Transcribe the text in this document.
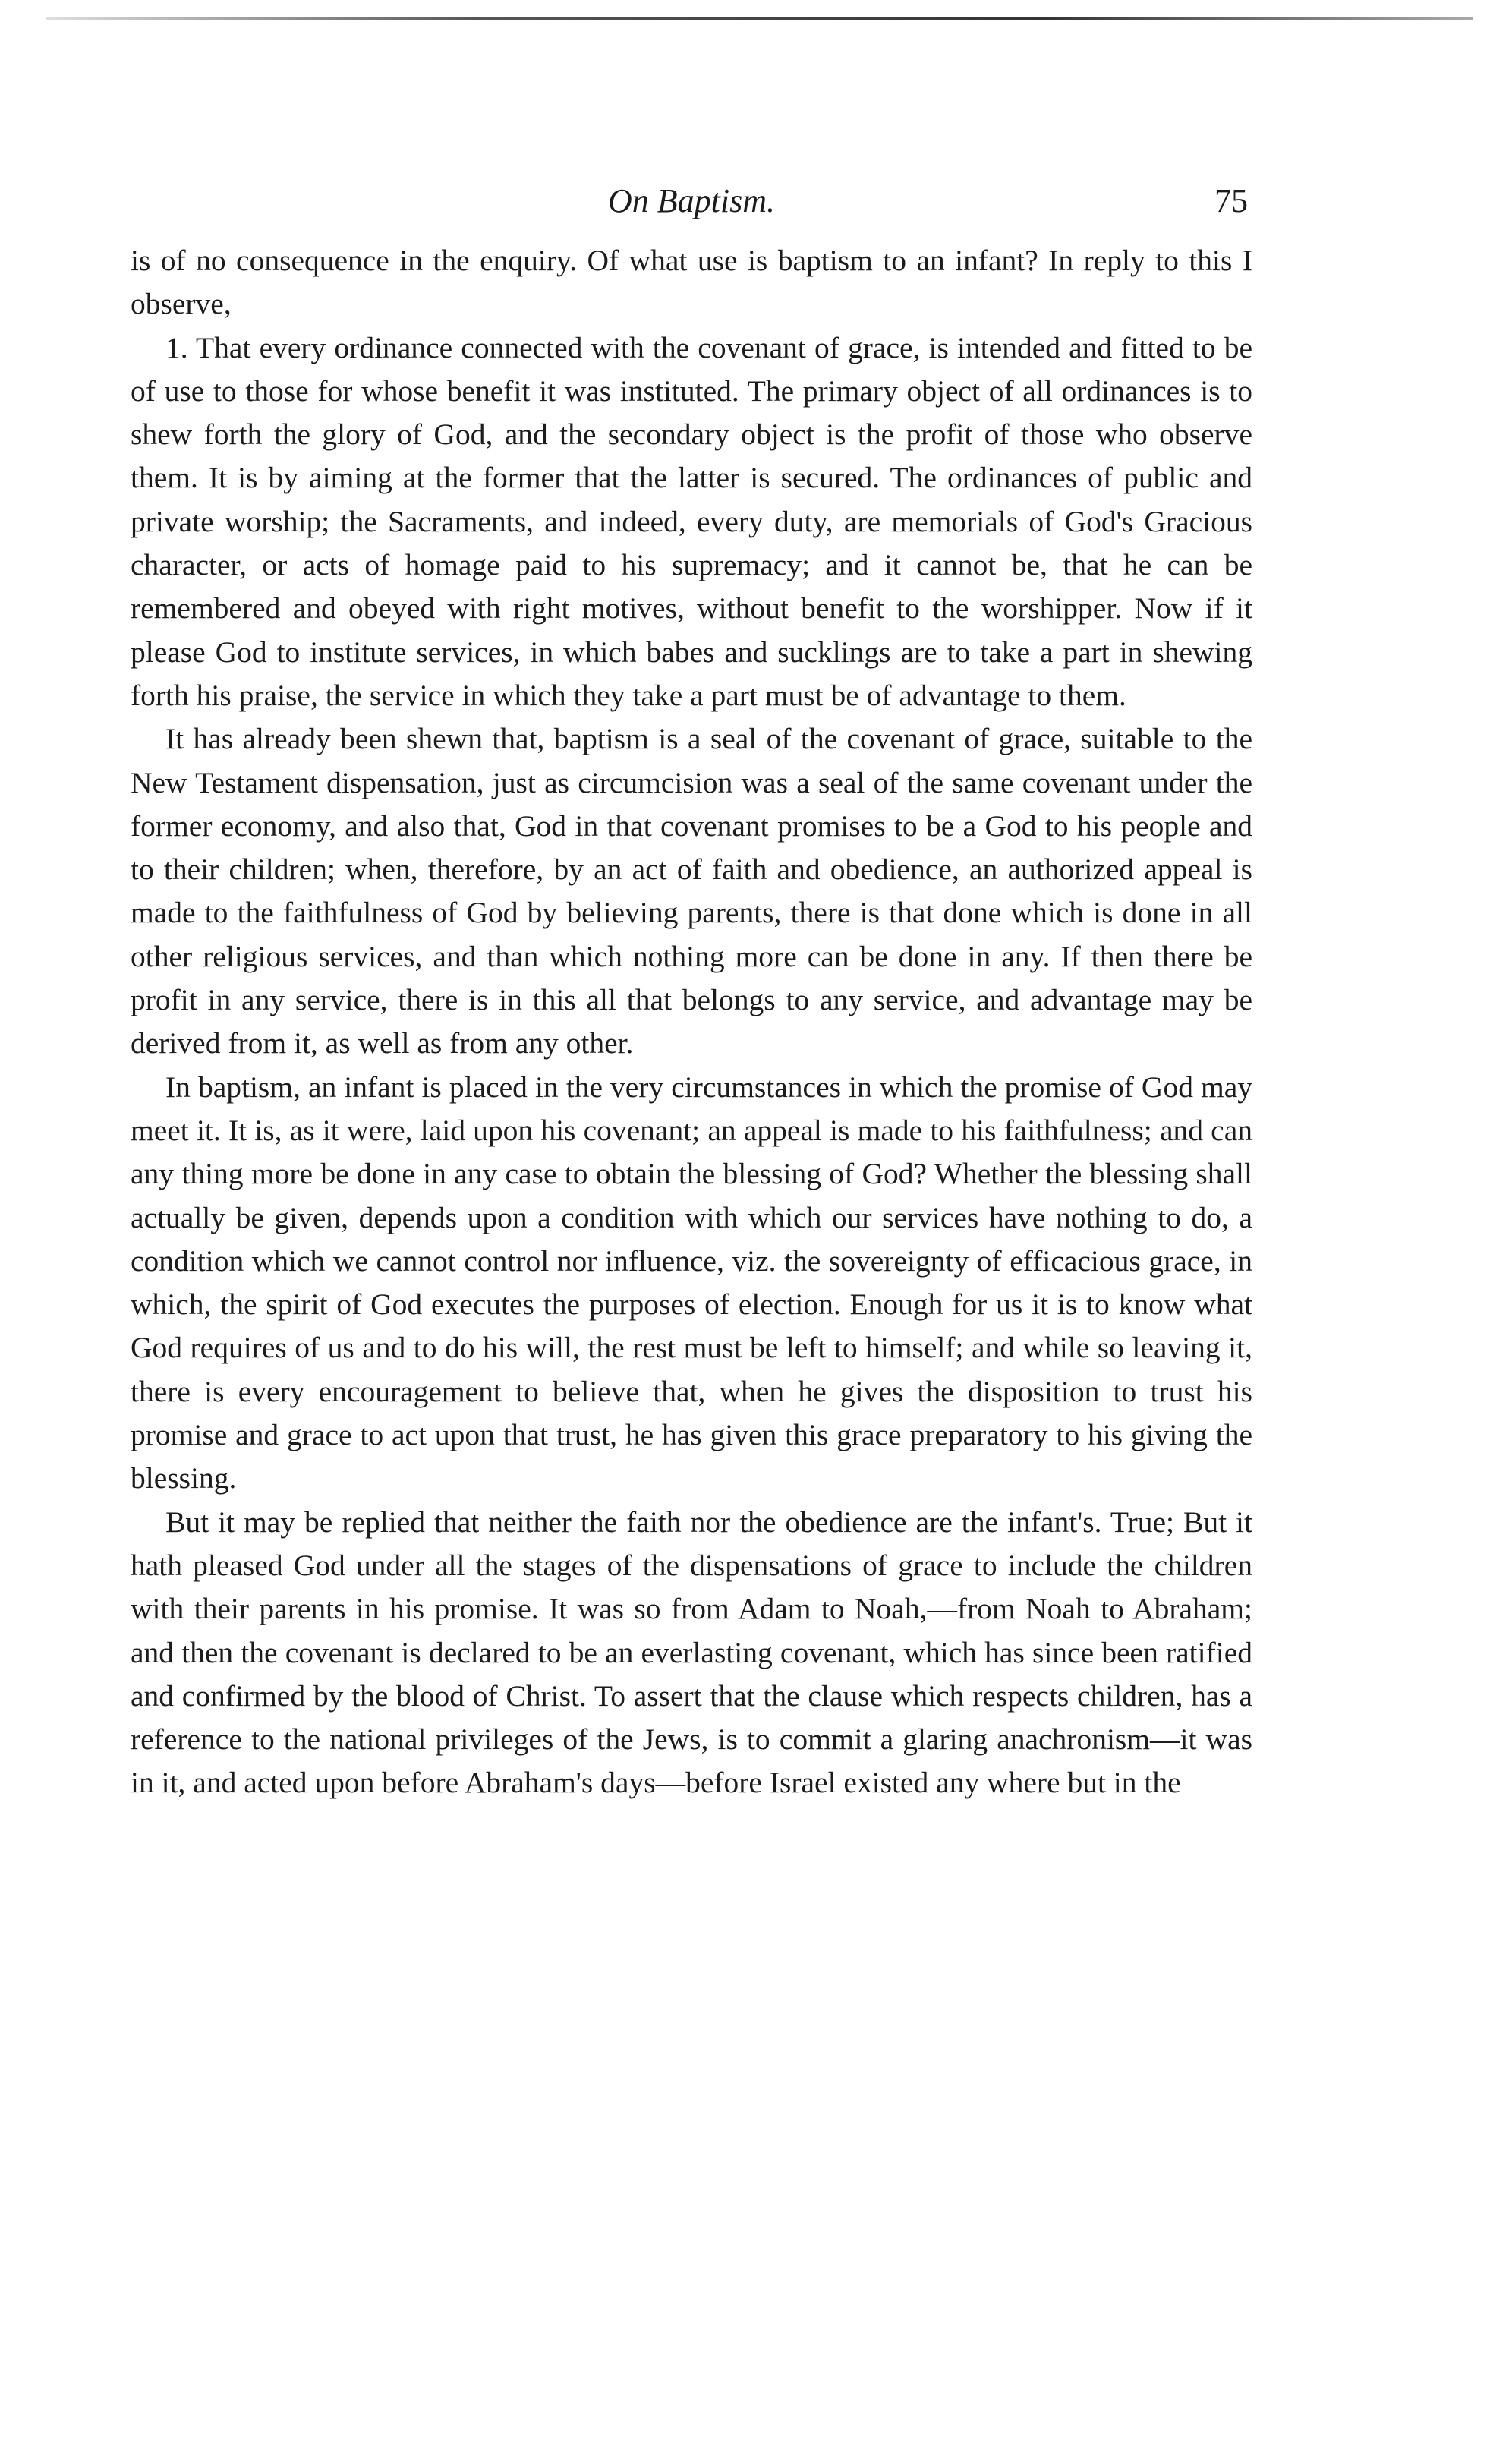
On Baptism.	75

is of no consequence in the enquiry. Of what use is baptism to an infant? In reply to this I observe,

1. That every ordinance connected with the covenant of grace, is intended and fitted to be of use to those for whose benefit it was instituted. The primary object of all ordinances is to shew forth the glory of God, and the secondary object is the profit of those who observe them. It is by aiming at the former that the latter is secured. The ordinances of public and private worship; the Sacraments, and indeed, every duty, are memorials of God's Gracious character, or acts of homage paid to his supremacy; and it cannot be, that he can be remembered and obeyed with right motives, without benefit to the worshipper. Now if it please God to institute services, in which babes and sucklings are to take a part in shewing forth his praise, the service in which they take a part must be of advantage to them.

It has already been shewn that, baptism is a seal of the covenant of grace, suitable to the New Testament dispensation, just as circumcision was a seal of the same covenant under the former economy, and also that, God in that covenant promises to be a God to his people and to their children; when, therefore, by an act of faith and obedience, an authorized appeal is made to the faithfulness of God by believing parents, there is that done which is done in all other religious services, and than which nothing more can be done in any. If then there be profit in any service, there is in this all that belongs to any service, and advantage may be derived from it, as well as from any other.

In baptism, an infant is placed in the very circumstances in which the promise of God may meet it. It is, as it were, laid upon his covenant; an appeal is made to his faithfulness; and can any thing more be done in any case to obtain the blessing of God? Whether the blessing shall actually be given, depends upon a condition with which our services have nothing to do, a condition which we cannot control nor influence, viz. the sovereignty of efficacious grace, in which, the spirit of God executes the purposes of election. Enough for us it is to know what God requires of us and to do his will, the rest must be left to himself; and while so leaving it, there is every encouragement to believe that, when he gives the disposition to trust his promise and grace to act upon that trust, he has given this grace preparatory to his giving the blessing.

But it may be replied that neither the faith nor the obedience are the infant's. True; But it hath pleased God under all the stages of the dispensations of grace to include the children with their parents in his promise. It was so from Adam to Noah,—from Noah to Abraham; and then the covenant is declared to be an everlasting covenant, which has since been ratified and confirmed by the blood of Christ. To assert that the clause which respects children, has a reference to the national privileges of the Jews, is to commit a glaring anachronism—it was in it, and acted upon before Abraham's days—before Israel existed any where but in the
